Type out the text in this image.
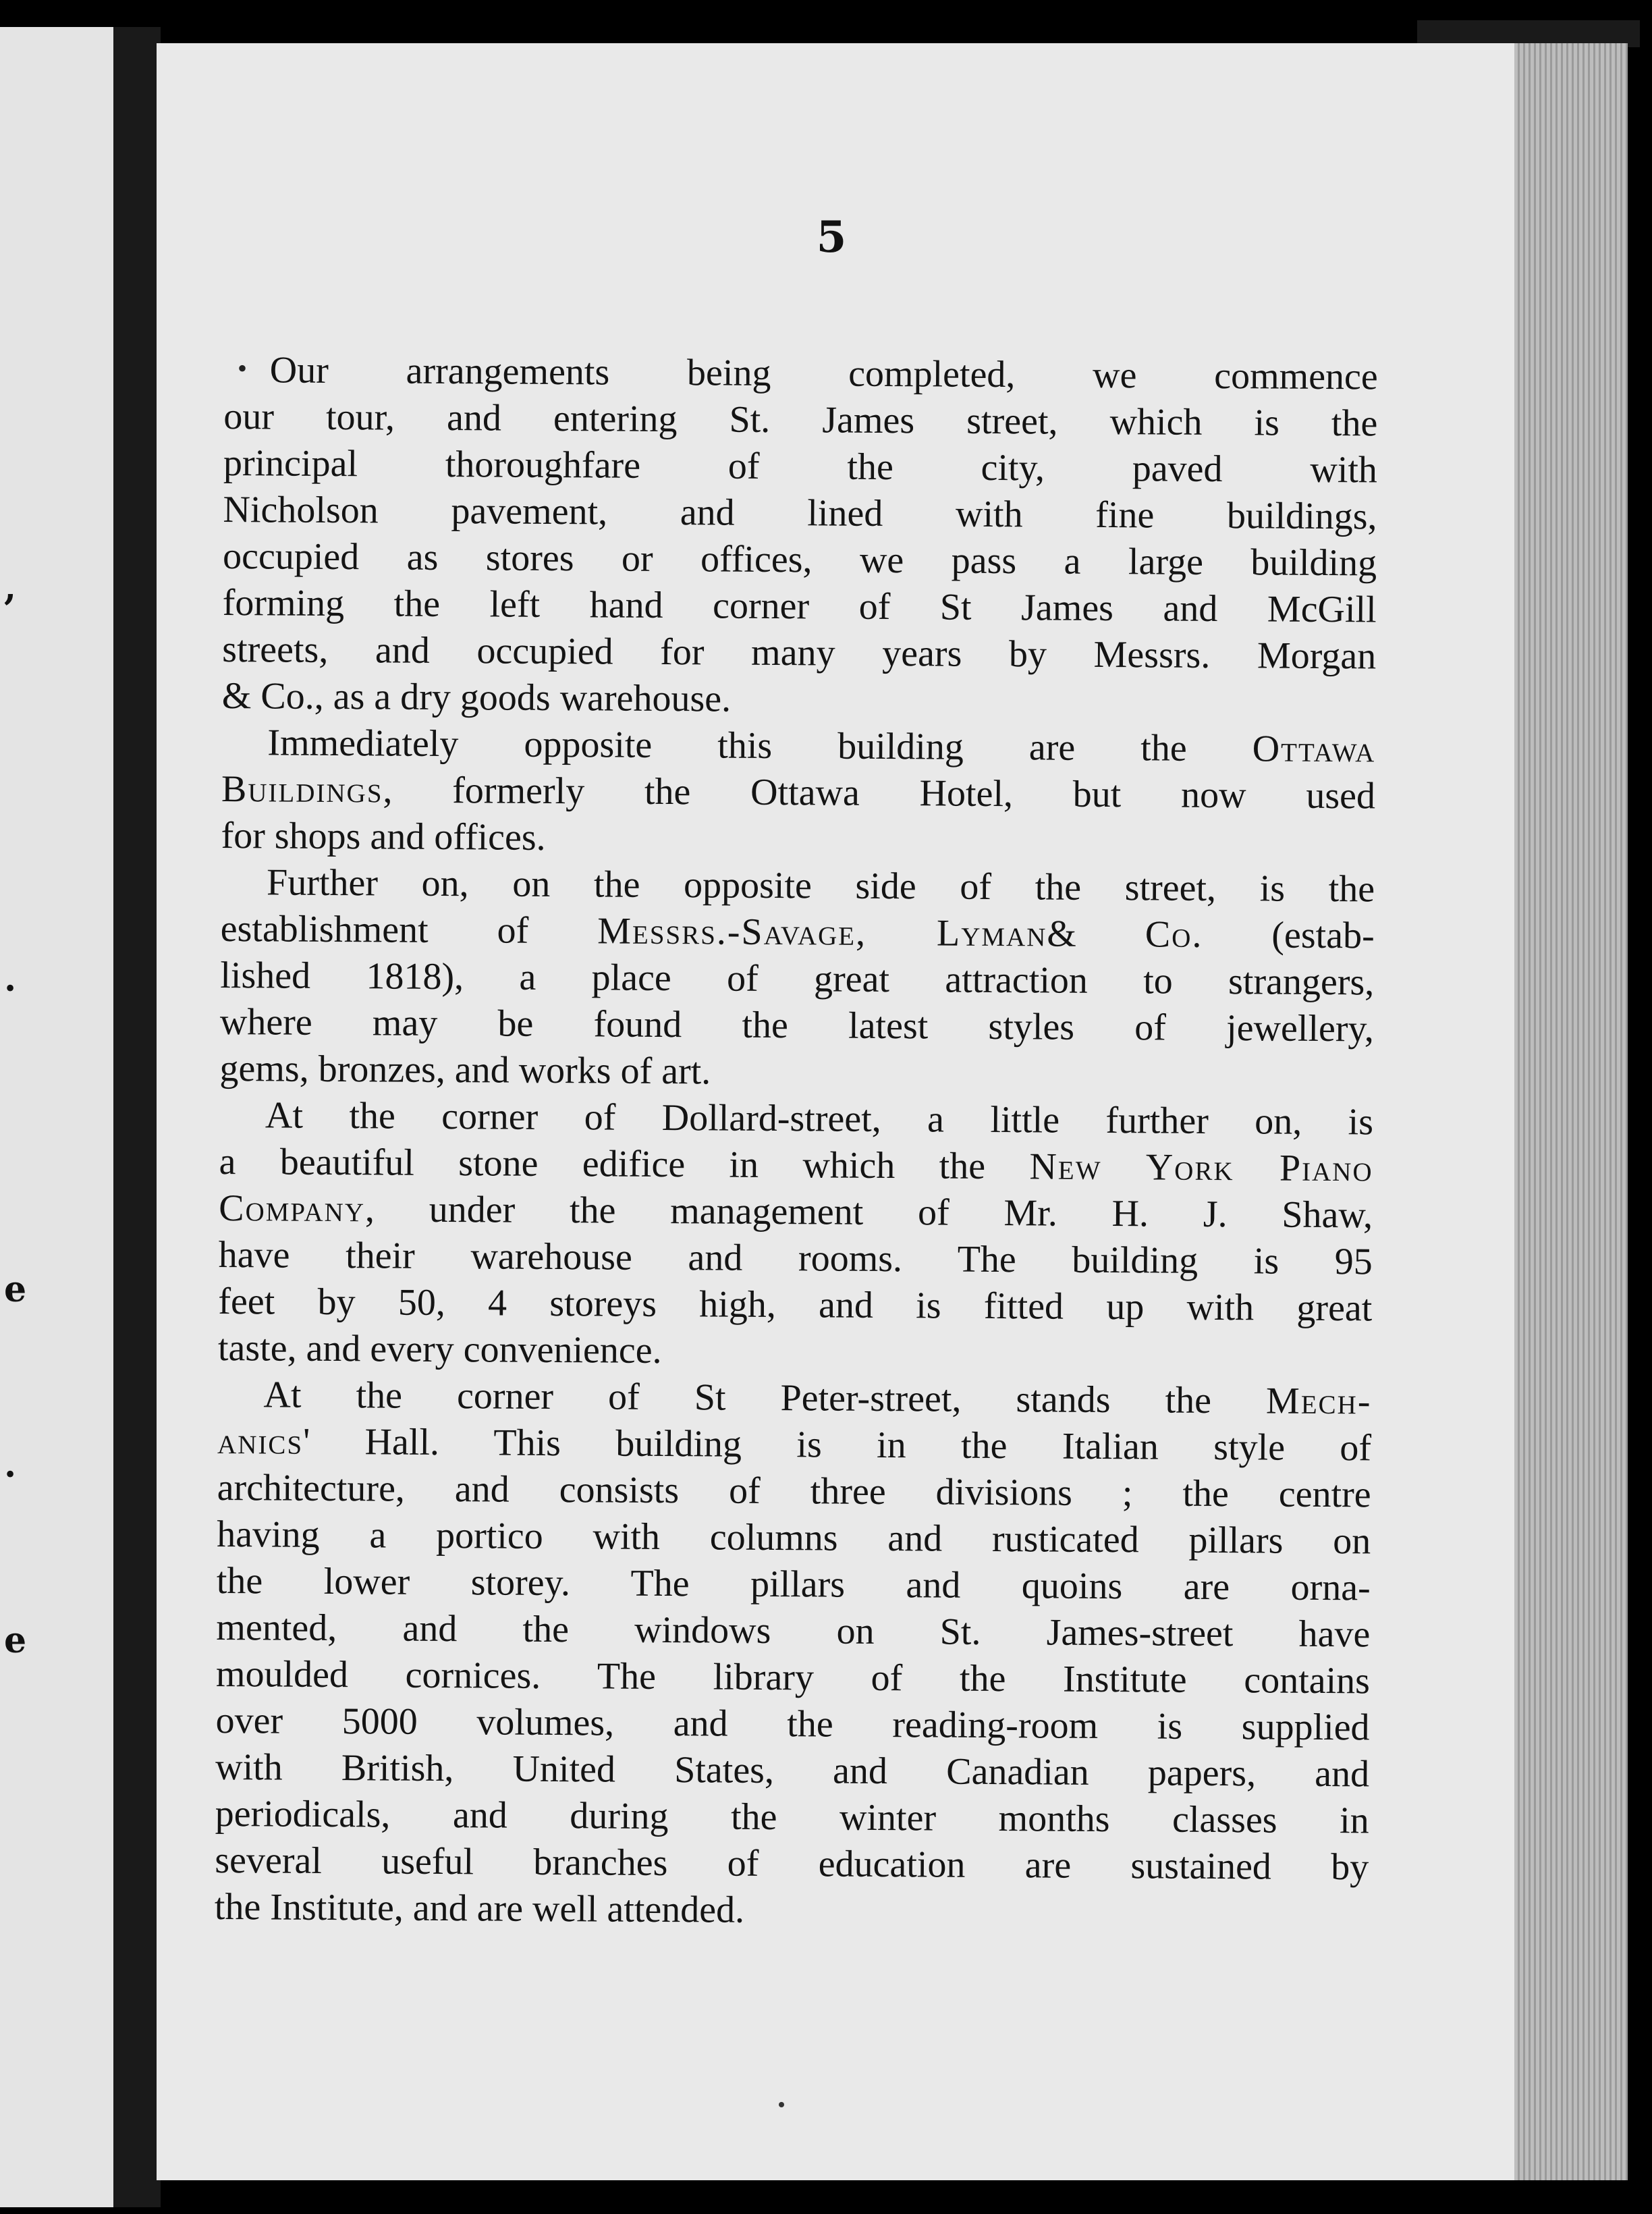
,
.
e
.
e
5
• Our arrangements being completed, we commence
our tour, and entering St. James street, which is the
principal thoroughfare of the city, paved with
Nicholson pavement, and lined with fine buildings,
occupied as stores or offices, we pass a large building
forming the left hand corner of St James and McGill
streets, and occupied for many years by Messrs. Morgan
& Co., as a dry goods warehouse.
Immediately opposite this building are the Ottawa
Buildings, formerly the Ottawa Hotel, but now used
for shops and offices.
Further on, on the opposite side of the street, is the
establishment of Messrs.-Savage, Lyman& Co. (estab-
lished 1818), a place of great attraction to strangers,
where may be found the latest styles of jewellery,
gems, bronzes, and works of art.
At the corner of Dollard-street, a little further on, is
a beautiful stone edifice in which the New York Piano
Company, under the management of Mr. H. J. Shaw,
have their warehouse and rooms. The building is 95
feet by 50, 4 storeys high, and is fitted up with great
taste, and every convenience.
At the corner of St Peter-street, stands the Mech-
anics' Hall. This building is in the Italian style of
architecture, and consists of three divisions ; the centre
having a portico with columns and rusticated pillars on
the lower storey. The pillars and quoins are orna-
mented, and the windows on St. James-street have
moulded cornices. The library of the Institute contains
over 5000 volumes, and the reading-room is supplied
with British, United States, and Canadian papers, and
periodicals, and during the winter months classes in
several useful branches of education are sustained by
the Institute, and are well attended.
